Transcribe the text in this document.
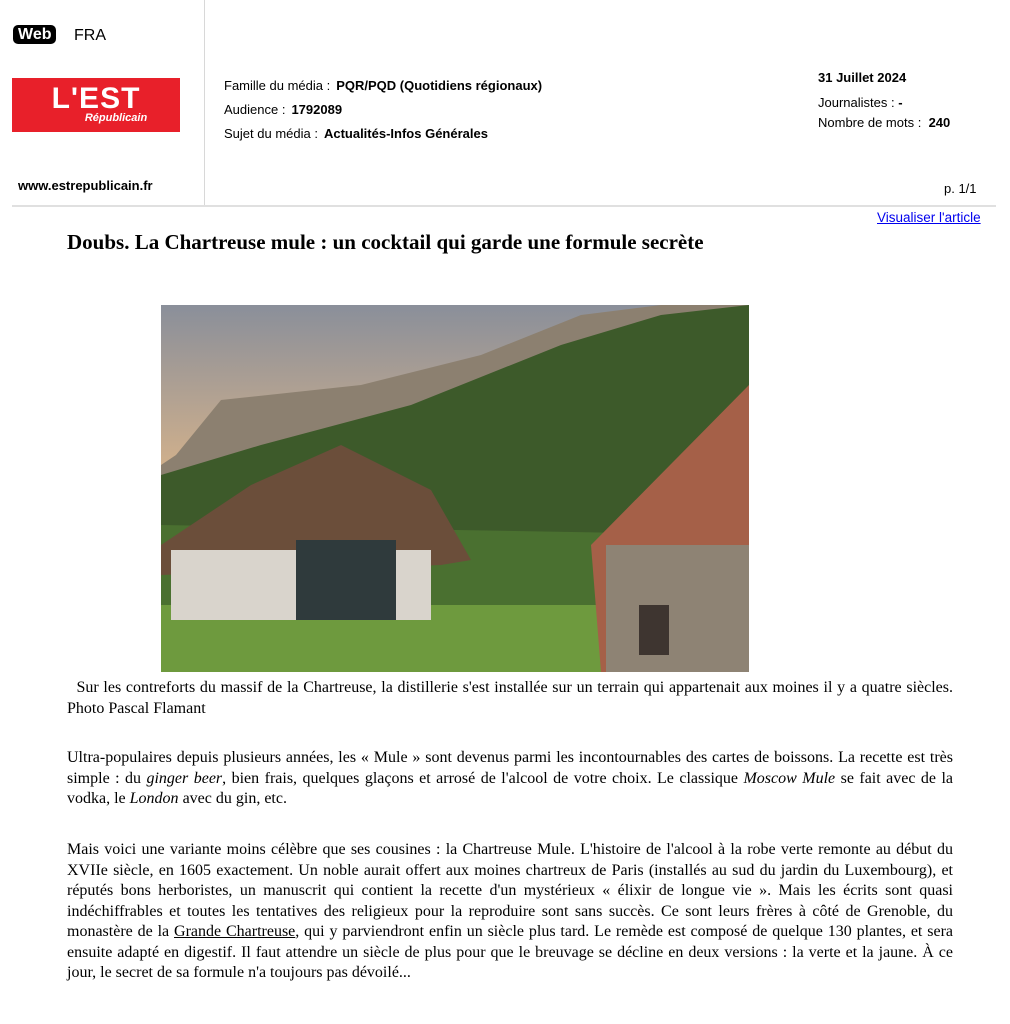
Web	FRA
L'EST
Républicain
www.estrepublicain.fr
Famille du média : PQR/PQD (Quotidiens régionaux)
Audience : 1792089
Sujet du média : Actualités-Infos Générales
31 Juillet 2024
Journalistes : -
Nombre de mots : 240
p. 1/1
Visualiser l'article
Doubs. La Chartreuse mule : un cocktail qui garde une formule secrète

Sur les contreforts du massif de la Chartreuse, la distillerie s'est installée sur un terrain qui appartenait aux moines il y a quatre siècles. Photo Pascal Flamant

Ultra-populaires depuis plusieurs années, les « Mule » sont devenus parmi les incontournables des cartes de boissons. La recette est très simple : du ginger beer, bien frais, quelques glaçons et arrosé de l'alcool de votre choix. Le classique Moscow Mule se fait avec de la vodka, le London avec du gin, etc.

Mais voici une variante moins célèbre que ses cousines : la Chartreuse Mule. L'histoire de l'alcool à la robe verte remonte au début du XVIIe siècle, en 1605 exactement. Un noble aurait offert aux moines chartreux de Paris (installés au sud du jardin du Luxembourg), et réputés bons herboristes, un manuscrit qui contient la recette d'un mystérieux « élixir de longue vie ». Mais les écrits sont quasi indéchiffrables et toutes les tentatives des religieux pour la reproduire sont sans succès. Ce sont leurs frères à côté de Grenoble, du monastère de la Grande Chartreuse, qui y parviendront enfin un siècle plus tard. Le remède est composé de quelque 130 plantes, et sera ensuite adapté en digestif. Il faut attendre un siècle de plus pour que le breuvage se décline en deux versions : la verte et la jaune. À ce jour, le secret de sa formule n'a toujours pas dévoilé...
